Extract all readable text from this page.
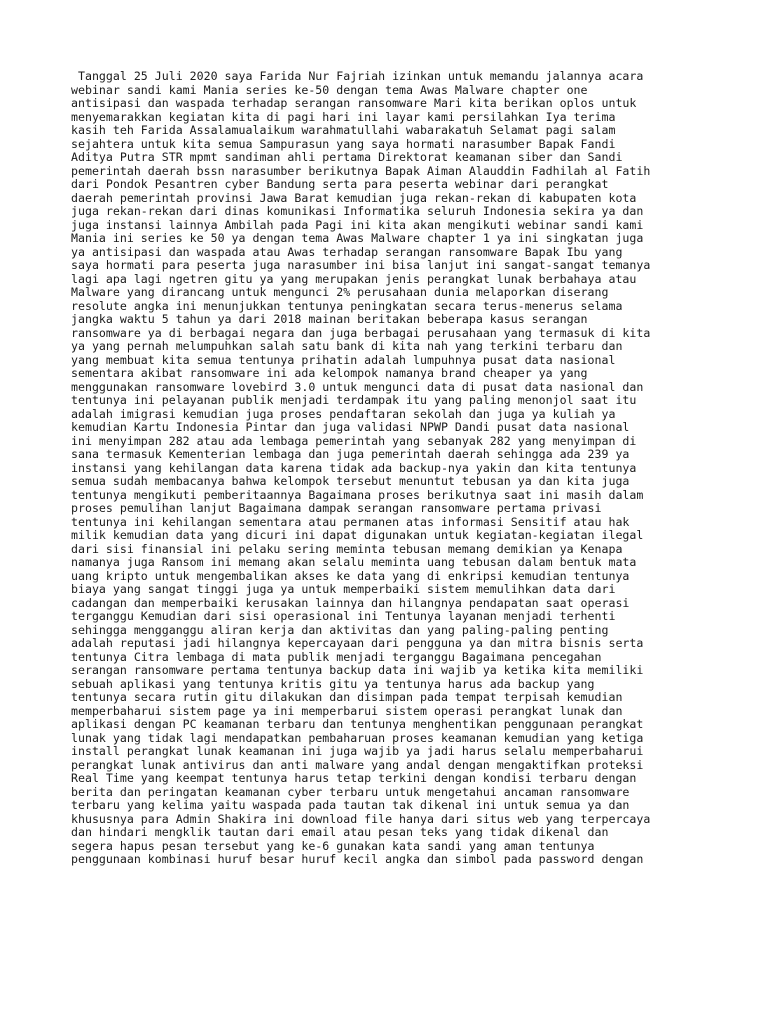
Tanggal 25 Juli 2020 saya Farida Nur Fajriah izinkan untuk memandu jalannya acara
webinar sandi kami Mania series ke-50 dengan tema Awas Malware chapter one
antisipasi dan waspada terhadap serangan ransomware Mari kita berikan oplos untuk
menyemarakkan kegiatan kita di pagi hari ini layar kami persilahkan Iya terima
kasih teh Farida Assalamualaikum warahmatullahi wabarakatuh Selamat pagi salam
sejahtera untuk kita semua Sampurasun yang saya hormati narasumber Bapak Fandi
Aditya Putra STR mpmt sandiman ahli pertama Direktorat keamanan siber dan Sandi
pemerintah daerah bssn narasumber berikutnya Bapak Aiman Alauddin Fadhilah al Fatih
dari Pondok Pesantren cyber Bandung serta para peserta webinar dari perangkat
daerah pemerintah provinsi Jawa Barat kemudian juga rekan-rekan di kabupaten kota
juga rekan-rekan dari dinas komunikasi Informatika seluruh Indonesia sekira ya dan
juga instansi lainnya Ambilah pada Pagi ini kita akan mengikuti webinar sandi kami
Mania ini series ke 50 ya dengan tema Awas Malware chapter 1 ya ini singkatan juga
ya antisipasi dan waspada atau Awas terhadap serangan ransomware Bapak Ibu yang
saya hormati para peserta juga narasumber ini bisa lanjut ini sangat-sangat temanya
lagi apa lagi ngetren gitu ya yang merupakan jenis perangkat lunak berbahaya atau
Malware yang dirancang untuk mengunci 2% perusahaan dunia melaporkan diserang
resolute angka ini menunjukkan tentunya peningkatan secara terus-menerus selama
jangka waktu 5 tahun ya dari 2018 mainan beritakan beberapa kasus serangan
ransomware ya di berbagai negara dan juga berbagai perusahaan yang termasuk di kita
ya yang pernah melumpuhkan salah satu bank di kita nah yang terkini terbaru dan
yang membuat kita semua tentunya prihatin adalah lumpuhnya pusat data nasional
sementara akibat ransomware ini ada kelompok namanya brand cheaper ya yang
menggunakan ransomware lovebird 3.0 untuk mengunci data di pusat data nasional dan
tentunya ini pelayanan publik menjadi terdampak itu yang paling menonjol saat itu
adalah imigrasi kemudian juga proses pendaftaran sekolah dan juga ya kuliah ya
kemudian Kartu Indonesia Pintar dan juga validasi NPWP Dandi pusat data nasional
ini menyimpan 282 atau ada lembaga pemerintah yang sebanyak 282 yang menyimpan di
sana termasuk Kementerian lembaga dan juga pemerintah daerah sehingga ada 239 ya
instansi yang kehilangan data karena tidak ada backup-nya yakin dan kita tentunya
semua sudah membacanya bahwa kelompok tersebut menuntut tebusan ya dan kita juga
tentunya mengikuti pemberitaannya Bagaimana proses berikutnya saat ini masih dalam
proses pemulihan lanjut Bagaimana dampak serangan ransomware pertama privasi
tentunya ini kehilangan sementara atau permanen atas informasi Sensitif atau hak
milik kemudian data yang dicuri ini dapat digunakan untuk kegiatan-kegiatan ilegal
dari sisi finansial ini pelaku sering meminta tebusan memang demikian ya Kenapa
namanya juga Ransom ini memang akan selalu meminta uang tebusan dalam bentuk mata
uang kripto untuk mengembalikan akses ke data yang di enkripsi kemudian tentunya
biaya yang sangat tinggi juga ya untuk memperbaiki sistem memulihkan data dari
cadangan dan memperbaiki kerusakan lainnya dan hilangnya pendapatan saat operasi
terganggu Kemudian dari sisi operasional ini Tentunya layanan menjadi terhenti
sehingga mengganggu aliran kerja dan aktivitas dan yang paling-paling penting
adalah reputasi jadi hilangnya kepercayaan dari pengguna ya dan mitra bisnis serta
tentunya Citra lembaga di mata publik menjadi terganggu Bagaimana pencegahan
serangan ransomware pertama tentunya backup data ini wajib ya ketika kita memiliki
sebuah aplikasi yang tentunya kritis gitu ya tentunya harus ada backup yang
tentunya secara rutin gitu dilakukan dan disimpan pada tempat terpisah kemudian
memperbaharui sistem page ya ini memperbarui sistem operasi perangkat lunak dan
aplikasi dengan PC keamanan terbaru dan tentunya menghentikan penggunaan perangkat
lunak yang tidak lagi mendapatkan pembaharuan proses keamanan kemudian yang ketiga
install perangkat lunak keamanan ini juga wajib ya jadi harus selalu memperbaharui
perangkat lunak antivirus dan anti malware yang andal dengan mengaktifkan proteksi
Real Time yang keempat tentunya harus tetap terkini dengan kondisi terbaru dengan
berita dan peringatan keamanan cyber terbaru untuk mengetahui ancaman ransomware
terbaru yang kelima yaitu waspada pada tautan tak dikenal ini untuk semua ya dan
khususnya para Admin Shakira ini download file hanya dari situs web yang terpercaya
dan hindari mengklik tautan dari email atau pesan teks yang tidak dikenal dan
segera hapus pesan tersebut yang ke-6 gunakan kata sandi yang aman tentunya
penggunaan kombinasi huruf besar huruf kecil angka dan simbol pada password dengan
